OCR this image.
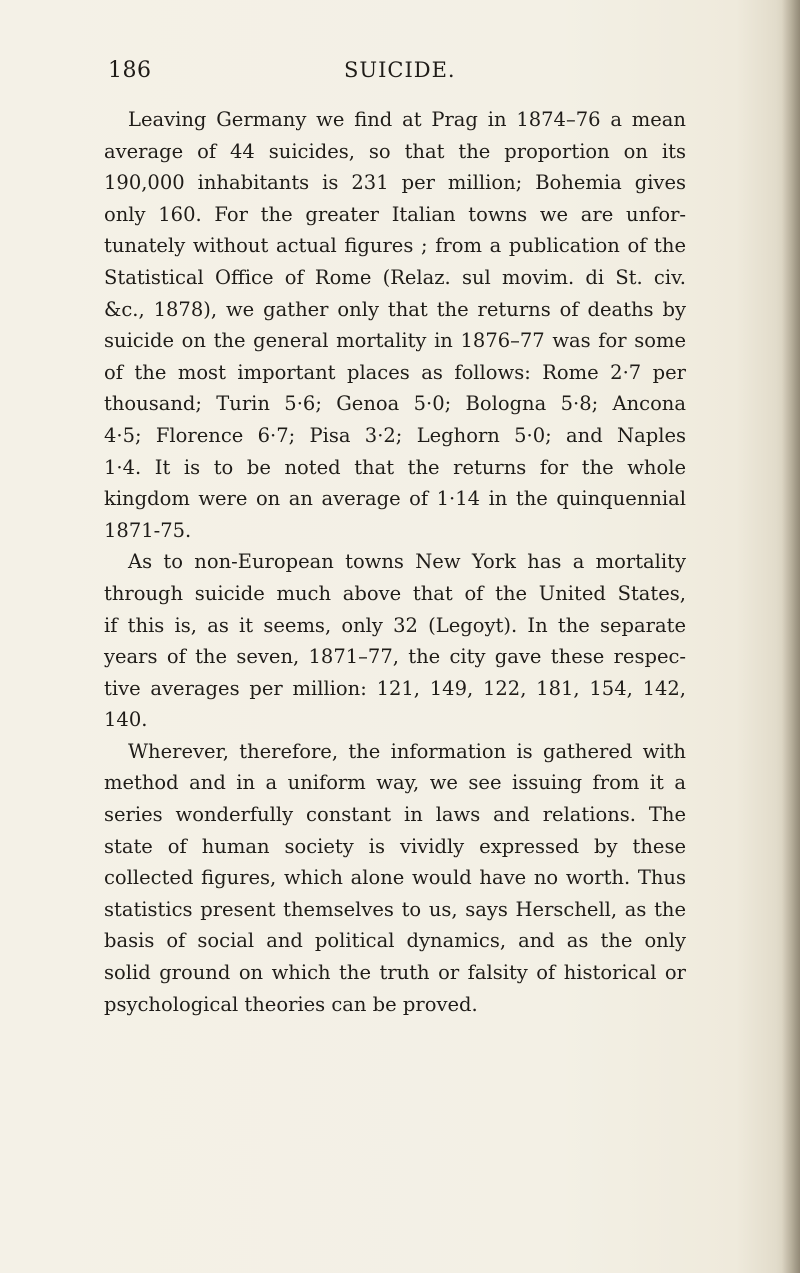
186	SUICIDE.
Leaving Germany we find at Prag in 1874–76 a mean
average of 44 suicides, so that the proportion on its
190,000 inhabitants is 231 per million; Bohemia gives
only 160. For the greater Italian towns we are unfor-
tunately without actual figures ; from a publication of the
Statistical Office of Rome (Relaz. sul movim. di St. civ.
&c., 1878), we gather only that the returns of deaths by
suicide on the general mortality in 1876–77 was for some
of the most important places as follows: Rome 2·7 per
thousand; Turin 5·6; Genoa 5·0; Bologna 5·8; Ancona
4·5; Florence 6·7; Pisa 3·2; Leghorn 5·0; and Naples
1·4. It is to be noted that the returns for the whole
kingdom were on an average of 1·14 in the quinquennial
1871-75.
As to non-European towns New York has a mortality
through suicide much above that of the United States,
if this is, as it seems, only 32 (Legoyt). In the separate
years of the seven, 1871–77, the city gave these respec-
tive averages per million: 121, 149, 122, 181, 154, 142,
140.
Wherever, therefore, the information is gathered with
method and in a uniform way, we see issuing from it a
series wonderfully constant in laws and relations. The
state of human society is vividly expressed by these
collected figures, which alone would have no worth. Thus
statistics present themselves to us, says Herschell, as the
basis of social and political dynamics, and as the only
solid ground on which the truth or falsity of historical or
psychological theories can be proved.
